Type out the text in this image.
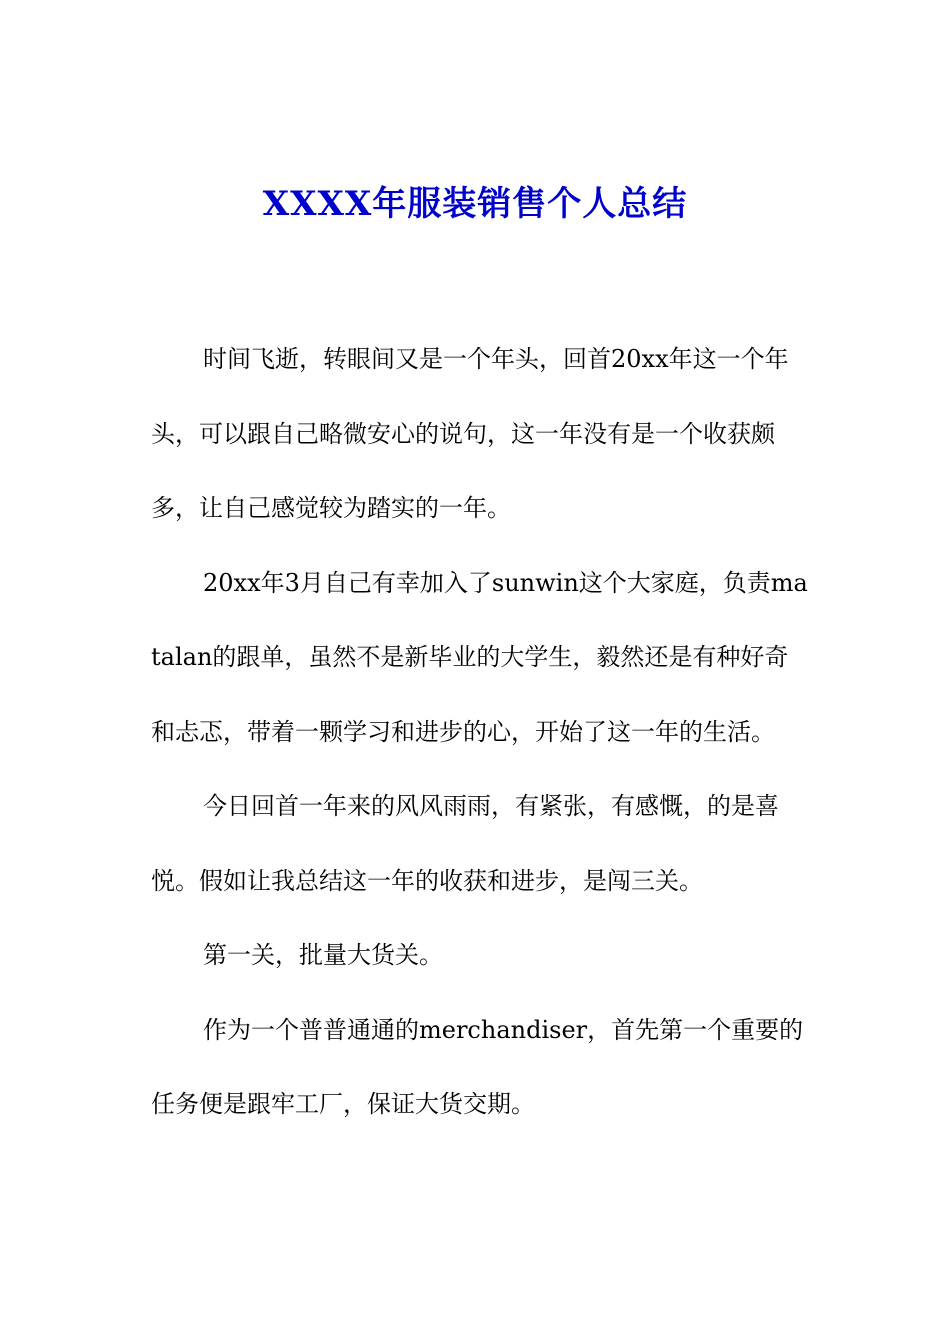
XXXX年服装销售个人总结

时间飞逝，转眼间又是一个年头，回首20xx年这一个年头，可以跟自己略微安心的说句，这一年没有是一个收获颇多，让自己感觉较为踏实的一年。

20xx年3月自己有幸加入了sunwin这个大家庭，负责matalan的跟单，虽然不是新毕业的大学生，毅然还是有种好奇和忐忑，带着一颗学习和进步的心，开始了这一年的生活。

今日回首一年来的风风雨雨，有紧张，有感慨，的是喜悦。假如让我总结这一年的收获和进步，是闯三关。

第一关，批量大货关。

作为一个普普通通的merchandiser，首先第一个重要的任务便是跟牢工厂，保证大货交期。
